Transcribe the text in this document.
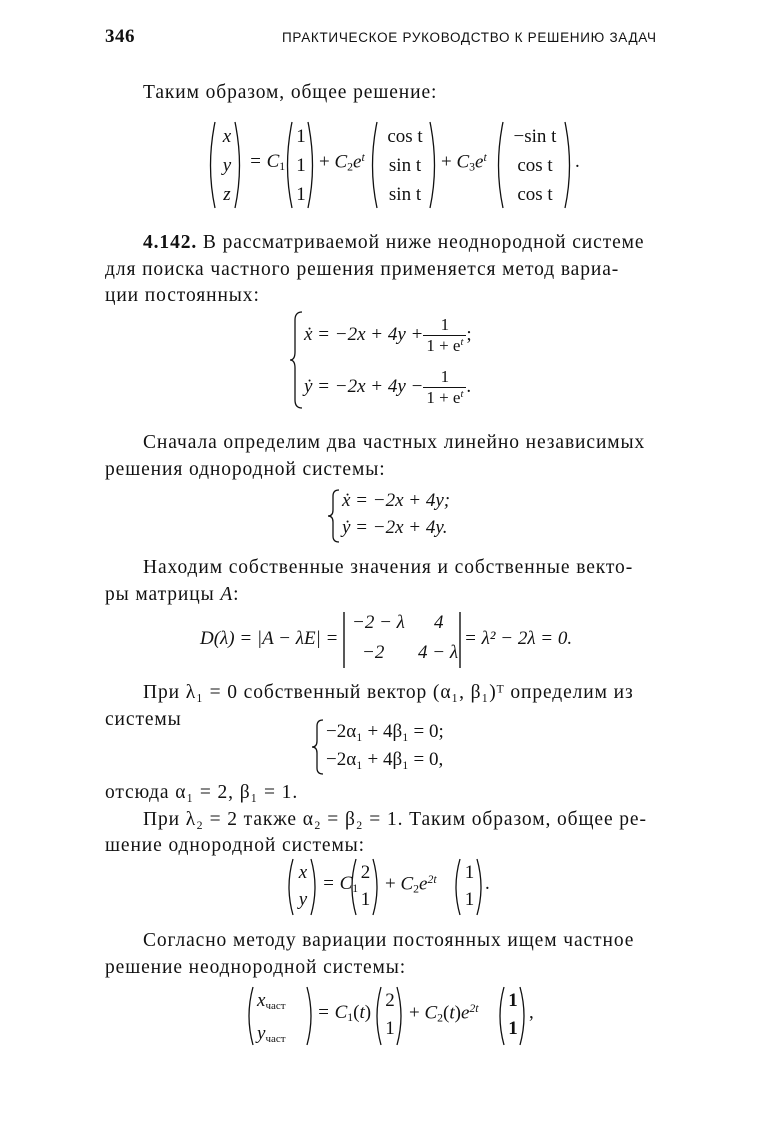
346	ПРАКТИЧЕСКОЕ РУКОВОДСТВО К РЕШЕНИЮ ЗАДАЧ
Таким образом, общее решение:
x
y
z
= $C_1$
1
1
1
+ $C_2e^t$
cos t
sin t
sin t
+ $C_3e^t$
−sin t
cos t
cos t
.
4.142. В рассматриваемой ниже неоднородной системе
для поиска частного решения применяется метод вариа-
ции постоянных:
ẋ = $-2x + 4y + \frac{1}{1 + e^t}$ ;
ẏ = $-2x + 4y - \frac{1}{1 + e^t}$ .
Сначала определим два частных линейно независимых
решения однородной системы:
ẋ = −2x + 4y;
ẏ = −2x + 4y.
Находим собственные значения и собственные векто-
ры матрицы A:
D(λ) = |A − λE| =
−2 − λ 4
−2 4 − λ
= λ² − 2λ = 0.
При λ₁ = 0 собственный вектор (α₁, β₁)ᵀ определим из
системы
−2α₁ + 4β₁ = 0;
−2α₁ + 4β₁ = 0,
отсюда α₁ = 2, β₁ = 1.
При λ₂ = 2 также α₂ = β₂ = 1. Таким образом, общее ре-
шение однородной системы:
x
y
= $C_1$
2
1
+ $C_2e^{2t}$ 1
1
.
Согласно методу вариации постоянных ищем частное
решение неоднородной системы:
$x_{част}$
$y_{част}$
= $C_1(t)$
2
1
+ $C_2(t)e^{2t}$ 1
1
,
